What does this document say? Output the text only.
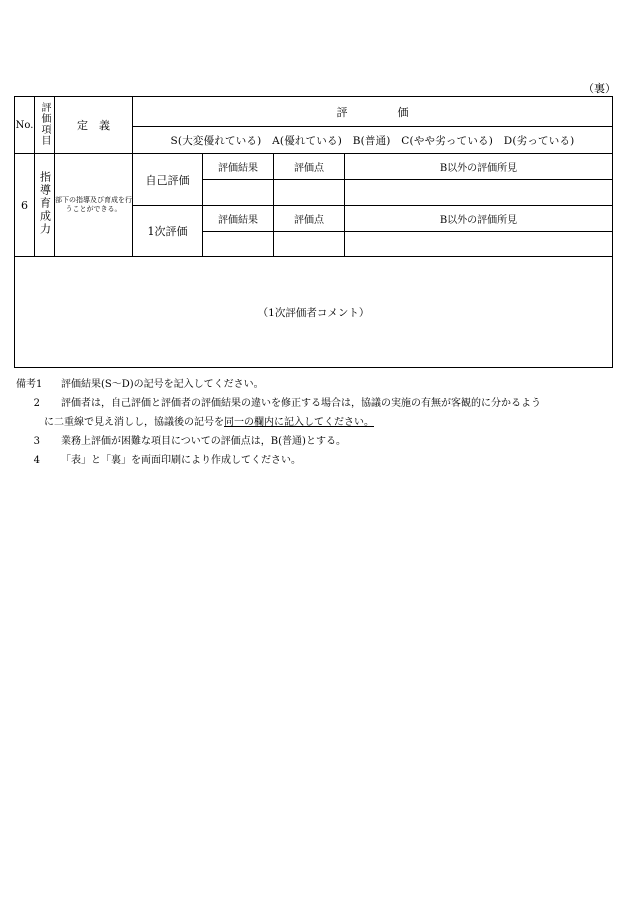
（裏）
No.	評価項目	定　義	評価			
			S(大変優れている)　A(優れている)　B(普通)　C(やや劣っている)　D(劣っている)			
6	指導育成力	部下の指導及び育成を行うことができる。	自己評価	評価結果	評価点	B以外の評価所見

			1次評価	評価結果	評価点	B以外の評価所見

（1次評価者コメント）						
備考1	評価結果(S～D)の記号を記入してください。
2	評価者は，自己評価と評価者の評価結果の違いを修正する場合は，協議の実施の有無が客観的に分かるよう
に二重線で見え消しし，協議後の記号を同一の欄内に記入してください。
3	業務上評価が困難な項目についての評価点は，B(普通)とする。
4	「表」と「裏」を両面印刷により作成してください。
